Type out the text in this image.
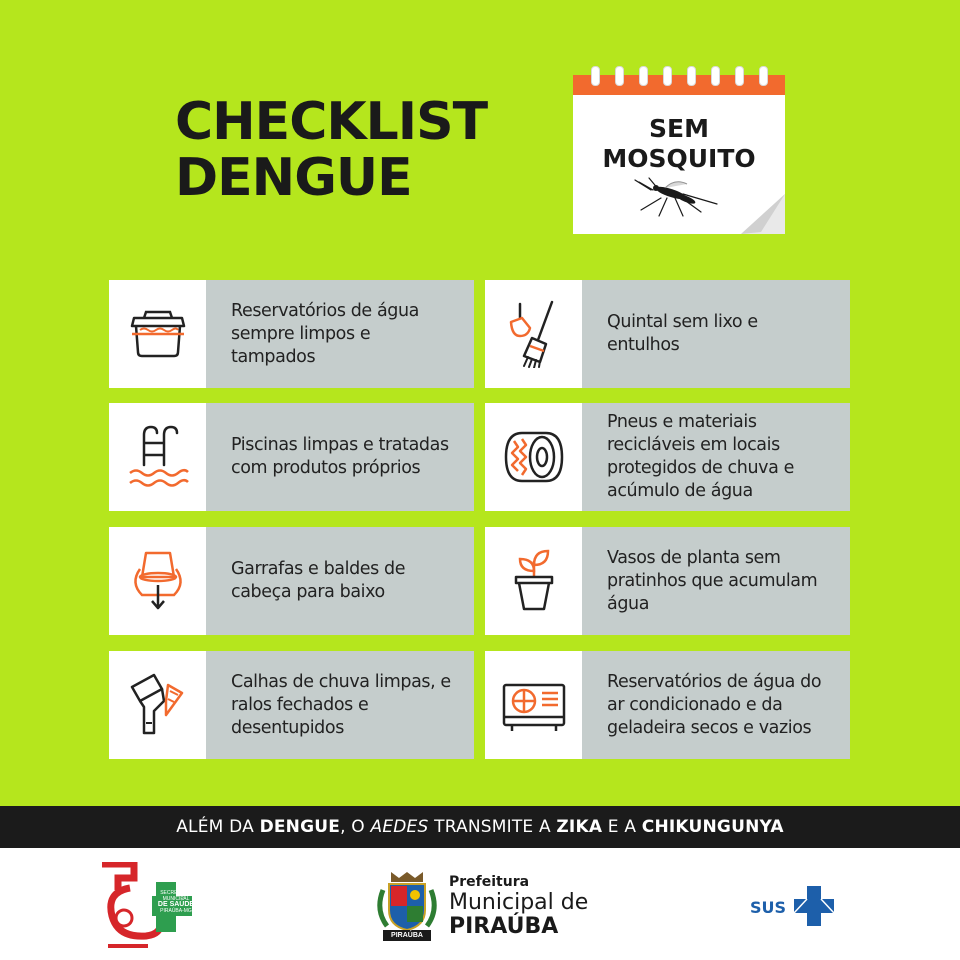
CHECKLIST
DENGUE

SEM
MOSQUITO

Reservatórios de água sempre limpos e tampados
Quintal sem lixo e entulhos
Piscinas limpas e tratadas com produtos próprios
Pneus e materiais recicláveis em locais protegidos de chuva e acúmulo de água
Garrafas e baldes de cabeça para baixo
Vasos de planta sem pratinhos que acumulam água
Calhas de chuva limpas, e ralos fechados e desentupidos
Reservatórios de água do ar condicionado e da geladeira secos e vazios
ALÉM DA DENGUE , O AEDES TRANSMITE A ZIKA E A CHIKUNGUNYA
SECRETARIA MUNICIPAL
DE SAÚDE
PIRAÚBA-MG
PIRAÚBA
Prefeitura
Municipal de
PIRAÚBA
SUS
